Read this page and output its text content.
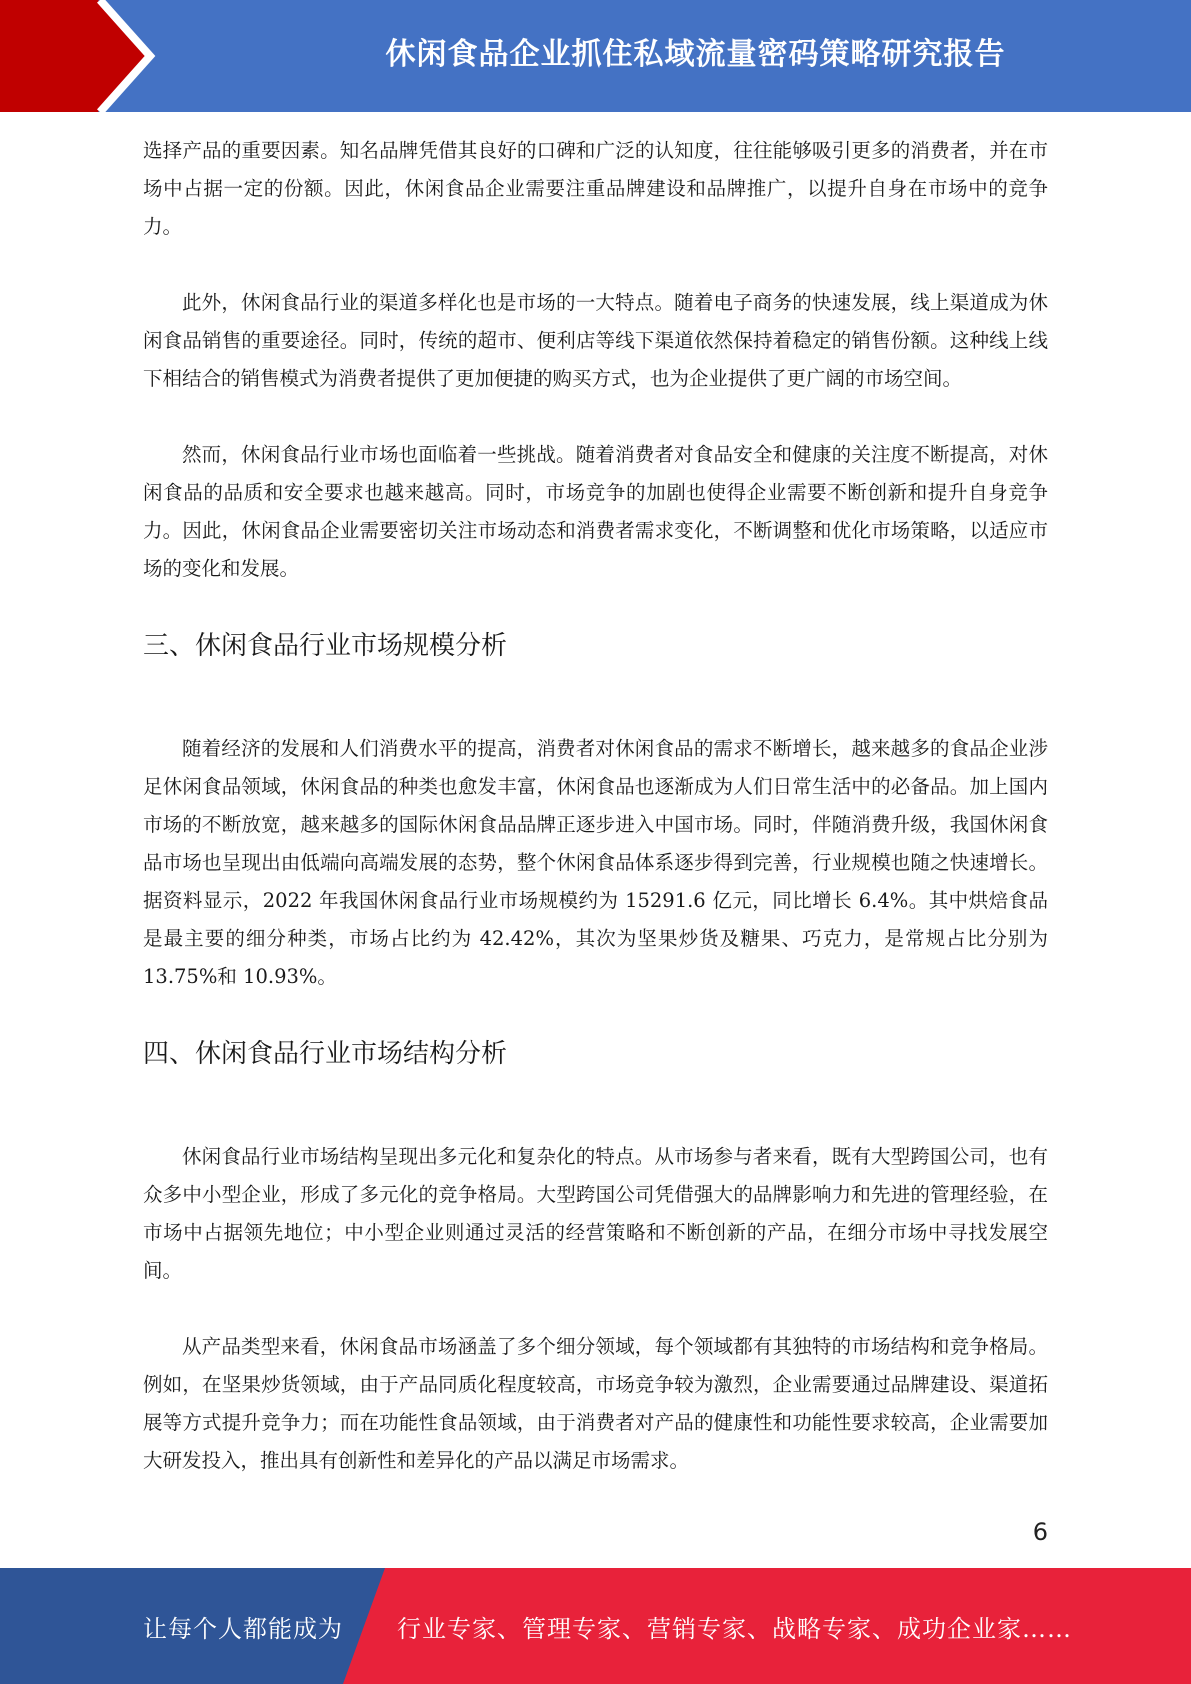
休闲食品企业抓住私域流量密码策略研究报告

选择产品的重要因素。知名品牌凭借其良好的口碑和广泛的认知度，往往能够吸引更多的消费者，并在市场中占据一定的份额。因此，休闲食品企业需要注重品牌建设和品牌推广，以提升自身在市场中的竞争力。

此外，休闲食品行业的渠道多样化也是市场的一大特点。随着电子商务的快速发展，线上渠道成为休闲食品销售的重要途径。同时，传统的超市、便利店等线下渠道依然保持着稳定的销售份额。这种线上线下相结合的销售模式为消费者提供了更加便捷的购买方式，也为企业提供了更广阔的市场空间。

然而，休闲食品行业市场也面临着一些挑战。随着消费者对食品安全和健康的关注度不断提高，对休闲食品的品质和安全要求也越来越高。同时，市场竞争的加剧也使得企业需要不断创新和提升自身竞争力。因此，休闲食品企业需要密切关注市场动态和消费者需求变化，不断调整和优化市场策略，以适应市场的变化和发展。

三、休闲食品行业市场规模分析

随着经济的发展和人们消费水平的提高，消费者对休闲食品的需求不断增长，越来越多的食品企业涉足休闲食品领域，休闲食品的种类也愈发丰富，休闲食品也逐渐成为人们日常生活中的必备品。加上国内市场的不断放宽，越来越多的国际休闲食品品牌正逐步进入中国市场。同时，伴随消费升级，我国休闲食品市场也呈现出由低端向高端发展的态势，整个休闲食品体系逐步得到完善，行业规模也随之快速增长。据资料显示，2022 年我国休闲食品行业市场规模约为 15291.6 亿元，同比增长 6.4%。其中烘焙食品是最主要的细分种类，市场占比约为 42.42%，其次为坚果炒货及糖果、巧克力，是常规占比分别为 13.75%和 10.93%。

四、休闲食品行业市场结构分析

休闲食品行业市场结构呈现出多元化和复杂化的特点。从市场参与者来看，既有大型跨国公司，也有众多中小型企业，形成了多元化的竞争格局。大型跨国公司凭借强大的品牌影响力和先进的管理经验，在市场中占据领先地位；中小型企业则通过灵活的经营策略和不断创新的产品，在细分市场中寻找发展空间。

从产品类型来看，休闲食品市场涵盖了多个细分领域，每个领域都有其独特的市场结构和竞争格局。例如，在坚果炒货领域，由于产品同质化程度较高，市场竞争较为激烈，企业需要通过品牌建设、渠道拓展等方式提升竞争力；而在功能性食品领域，由于消费者对产品的健康性和功能性要求较高，企业需要加大研发投入，推出具有创新性和差异化的产品以满足市场需求。

6
让每个人都能成为 行业专家、管理专家、营销专家、战略专家、成功企业家……
